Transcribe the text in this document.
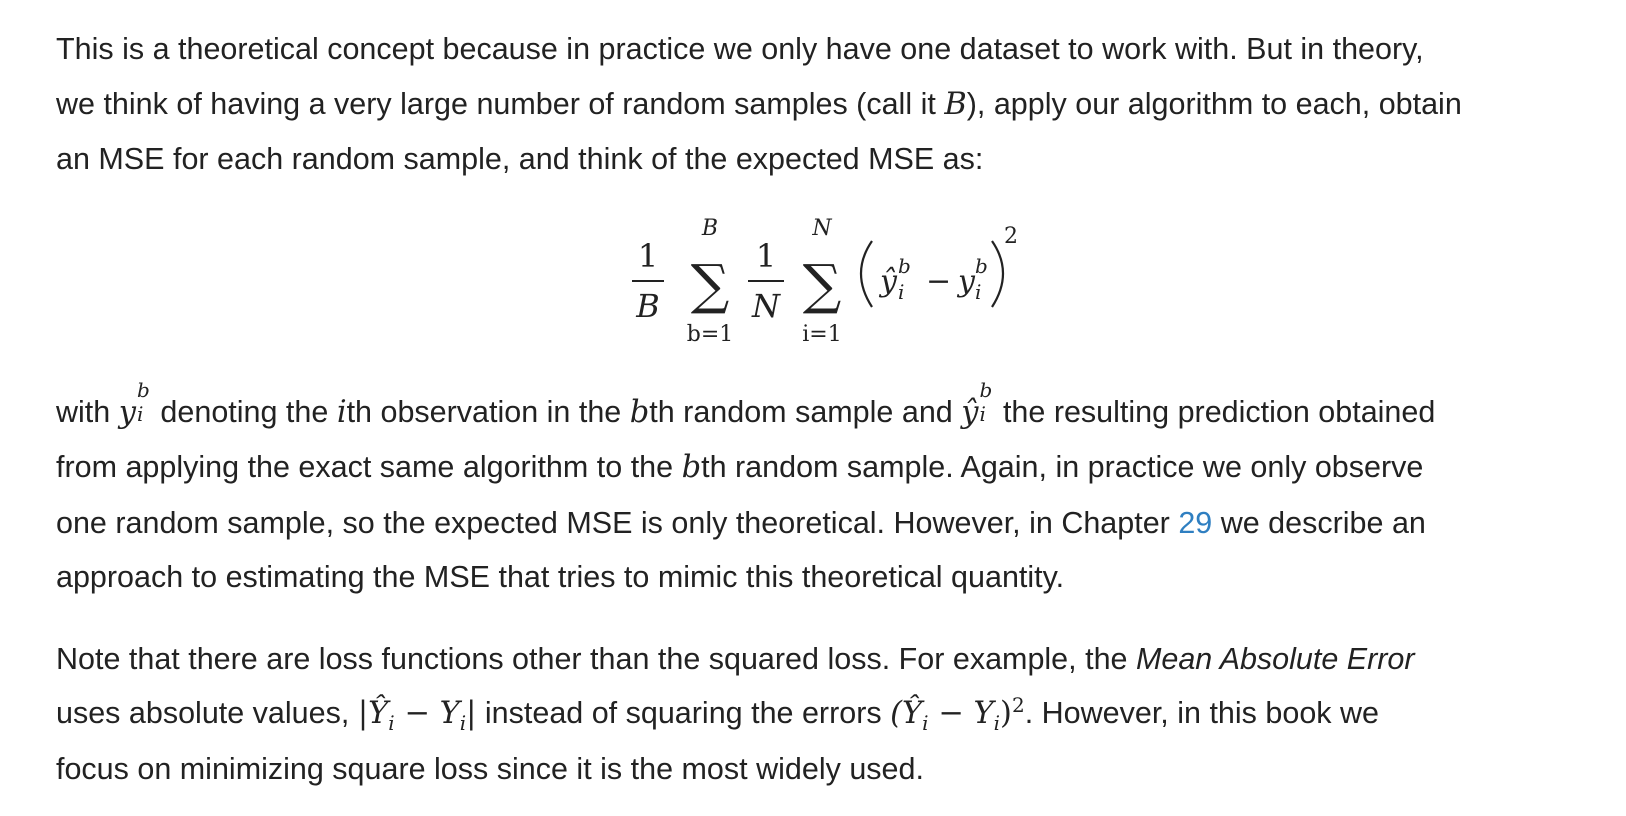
This is a theoretical concept because in practice we only have one dataset to work with. But in theory,

we think of having a very large number of random samples (call it B), apply our algorithm to each, obtain

an MSE for each random sample, and think of the expected MSE as:

1
B
B
∑
b=1
1
N
N
∑
i=1
ŷ b
i − y b
i
2

with y
b
i denoting the ith observation in the bth random sample and ŷ
b
i the resulting prediction obtained

from applying the exact same algorithm to the bth random sample. Again, in practice we only observe

one random sample, so the expected MSE is only theoretical. However, in Chapter 29 we describe an

approach to estimating the MSE that tries to mimic this theoretical quantity.

Note that there are loss functions other than the squared loss. For example, the Mean Absolute Error

uses absolute values, $|Ŷ_i - Y_i|$ instead of squaring the errors $(Ŷ_i - Y_i)^2$. However, in this book we

focus on minimizing square loss since it is the most widely used.
